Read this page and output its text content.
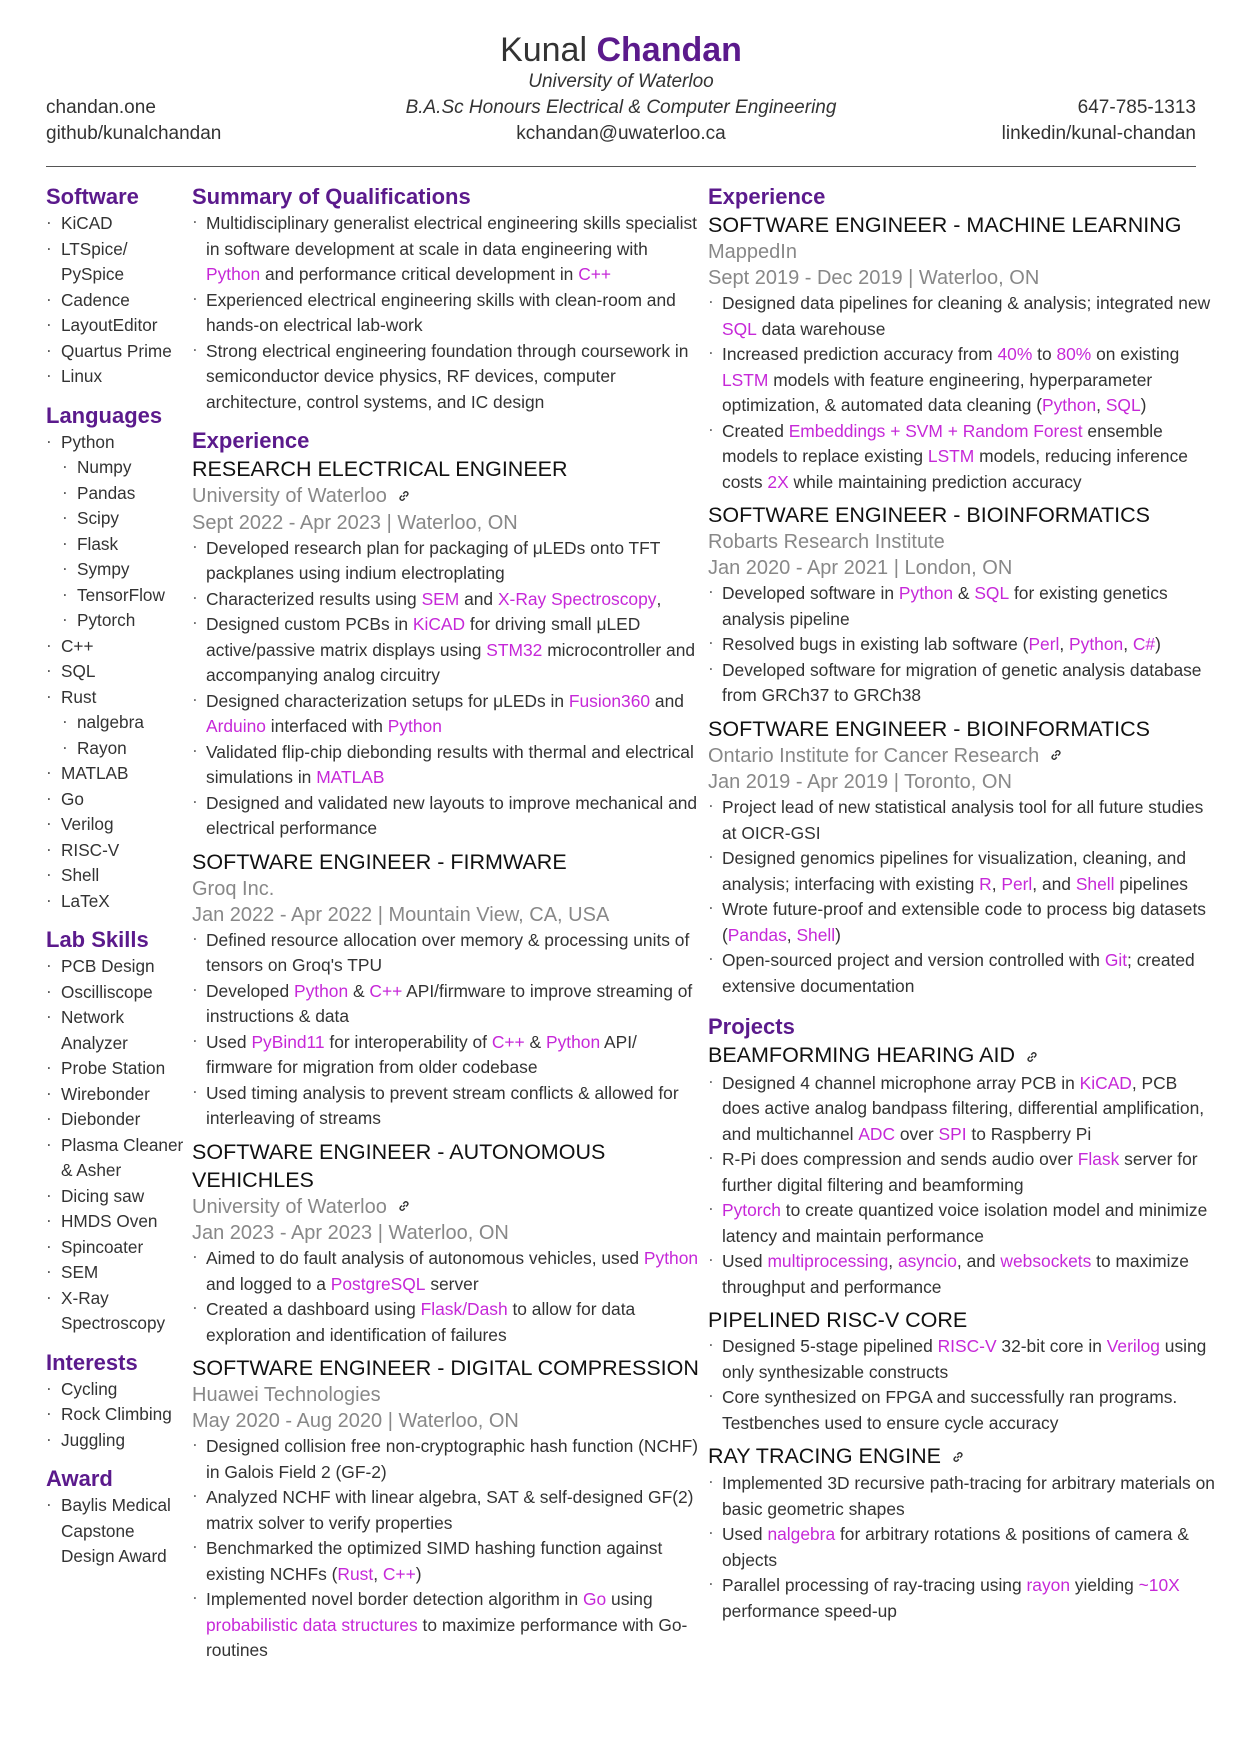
Kunal Chandan
University of Waterloo
B.A.Sc Honours Electrical & Computer Engineering
kchandan@uwaterloo.ca
chandan.one
github/kunalchandan
647-785-1313
linkedin/kunal-chandan
Software
· KiCAD
· LTSpice/
PySpice
· Cadence
· LayoutEditor
· Quartus Prime
· Linux
Languages
· Python
· Numpy
· Pandas
· Scipy
· Flask
· Sympy
· TensorFlow
· Pytorch
· C++
· SQL
· Rust
· nalgebra
· Rayon
· MATLAB
· Go
· Verilog
· RISC-V
· Shell
· LaTeX
Lab Skills
· PCB Design
· Oscilliscope
· Network
Analyzer
· Probe Station
· Wirebonder
· Diebonder
· Plasma Cleaner
& Asher
· Dicing saw
· HMDS Oven
· Spincoater
· SEM
· X-Ray
Spectroscopy
Interests
· Cycling
· Rock Climbing
· Juggling
Award
· Baylis Medical
Capstone
Design Award
Summary of Qualifications
· Multidisciplinary generalist electrical engineering skills specialist in software development at scale in data engineering with Python and performance critical development in C++
· Experienced electrical engineering skills with clean-room and hands-on electrical lab-work
· Strong electrical engineering foundation through coursework in semiconductor device physics, RF devices, computer architecture, control systems, and IC design
Experience
RESEARCH ELECTRICAL ENGINEER
University of Waterloo
Sept 2022 - Apr 2023 | Waterloo, ON
· Developed research plan for packaging of μLEDs onto TFT packplanes using indium electroplating
· Characterized results using SEM and X-Ray Spectroscopy,
· Designed custom PCBs in KiCAD for driving small μLED active/passive matrix displays using STM32 microcontroller and accompanying analog circuitry
· Designed characterization setups for μLEDs in Fusion360 and Arduino interfaced with Python
· Validated flip-chip diebonding results with thermal and electrical simulations in MATLAB
· Designed and validated new layouts to improve mechanical and electrical performance
SOFTWARE ENGINEER - FIRMWARE
Groq Inc.
Jan 2022 - Apr 2022 | Mountain View, CA, USA
· Defined resource allocation over memory & processing units of tensors on Groq's TPU
· Developed Python & C++ API/firmware to improve streaming of instructions & data
· Used PyBind11 for interoperability of C++ & Python API/ firmware for migration from older codebase
· Used timing analysis to prevent stream conflicts & allowed for interleaving of streams
SOFTWARE ENGINEER - AUTONOMOUS VEHICHLES
University of Waterloo
Jan 2023 - Apr 2023 | Waterloo, ON
· Aimed to do fault analysis of autonomous vehicles, used Python and logged to a PostgreSQL server
· Created a dashboard using Flask/Dash to allow for data exploration and identification of failures
SOFTWARE ENGINEER - DIGITAL COMPRESSION
Huawei Technologies
May 2020 - Aug 2020 | Waterloo, ON
· Designed collision free non-cryptographic hash function (NCHF) in Galois Field 2 (GF-2)
· Analyzed NCHF with linear algebra, SAT & self-designed GF(2) matrix solver to verify properties
· Benchmarked the optimized SIMD hashing function against existing NCHFs (Rust, C++)
· Implemented novel border detection algorithm in Go using probabilistic data structures to maximize performance with Go-routines
Experience
SOFTWARE ENGINEER - MACHINE LEARNING
MappedIn
Sept 2019 - Dec 2019 | Waterloo, ON
· Designed data pipelines for cleaning & analysis; integrated new SQL data warehouse
· Increased prediction accuracy from 40% to 80% on existing LSTM models with feature engineering, hyperparameter optimization, & automated data cleaning (Python, SQL)
· Created Embeddings + SVM + Random Forest ensemble models to replace existing LSTM models, reducing inference costs 2X while maintaining prediction accuracy
SOFTWARE ENGINEER - BIOINFORMATICS
Robarts Research Institute
Jan 2020 - Apr 2021 | London, ON
· Developed software in Python & SQL for existing genetics analysis pipeline
· Resolved bugs in existing lab software (Perl, Python, C#)
· Developed software for migration of genetic analysis database from GRCh37 to GRCh38
SOFTWARE ENGINEER - BIOINFORMATICS
Ontario Institute for Cancer Research
Jan 2019 - Apr 2019 | Toronto, ON
· Project lead of new statistical analysis tool for all future studies at OICR-GSI
· Designed genomics pipelines for visualization, cleaning, and analysis; interfacing with existing R, Perl, and Shell pipelines
· Wrote future-proof and extensible code to process big datasets (Pandas, Shell)
· Open-sourced project and version controlled with Git; created extensive documentation
Projects
BEAMFORMING HEARING AID
· Designed 4 channel microphone array PCB in KiCAD, PCB does active analog bandpass filtering, differential amplification, and multichannel ADC over SPI to Raspberry Pi
· R-Pi does compression and sends audio over Flask server for further digital filtering and beamforming
· Pytorch to create quantized voice isolation model and minimize latency and maintain performance
· Used multiprocessing, asyncio, and websockets to maximize throughput and performance
PIPELINED RISC-V CORE
· Designed 5-stage pipelined RISC-V 32-bit core in Verilog using only synthesizable constructs
· Core synthesized on FPGA and successfully ran programs. Testbenches used to ensure cycle accuracy
RAY TRACING ENGINE
· Implemented 3D recursive path-tracing for arbitrary materials on basic geometric shapes
· Used nalgebra for arbitrary rotations & positions of camera & objects
· Parallel processing of ray-tracing using rayon yielding ~10X performance speed-up
